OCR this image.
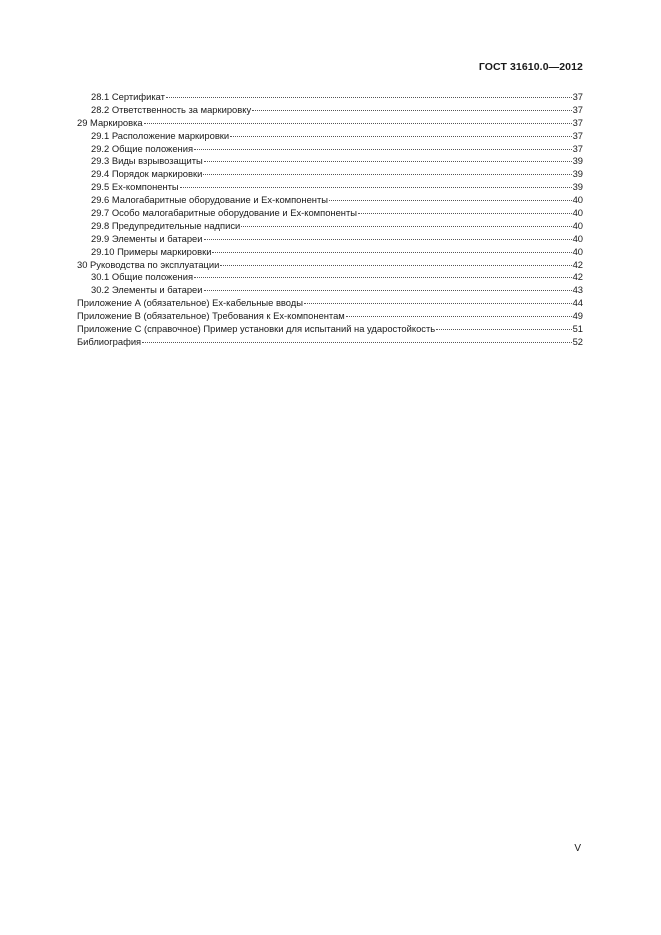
ГОСТ 31610.0—2012
28.1 Сертификат	37
28.2 Ответственность за маркировку	37
29 Маркировка	37
29.1 Расположение маркировки	37
29.2 Общие положения	37
29.3 Виды взрывозащиты	39
29.4 Порядок маркировки	39
29.5 Ex-компоненты	39
29.6 Малогабаритные оборудование и Ex-компоненты	40
29.7 Особо малогабаритные оборудование и Ex-компоненты	40
29.8 Предупредительные надписи	40
29.9 Элементы и батареи	40
29.10 Примеры маркировки	40
30 Руководства по эксплуатации	42
30.1 Общие положения	42
30.2 Элементы и батареи	43
Приложение А (обязательное) Ex-кабельные вводы	44
Приложение В (обязательное) Требования к Ex-компонентам	49
Приложение С (справочное) Пример установки для испытаний на ударостойкость	51
Библиография	52
V
